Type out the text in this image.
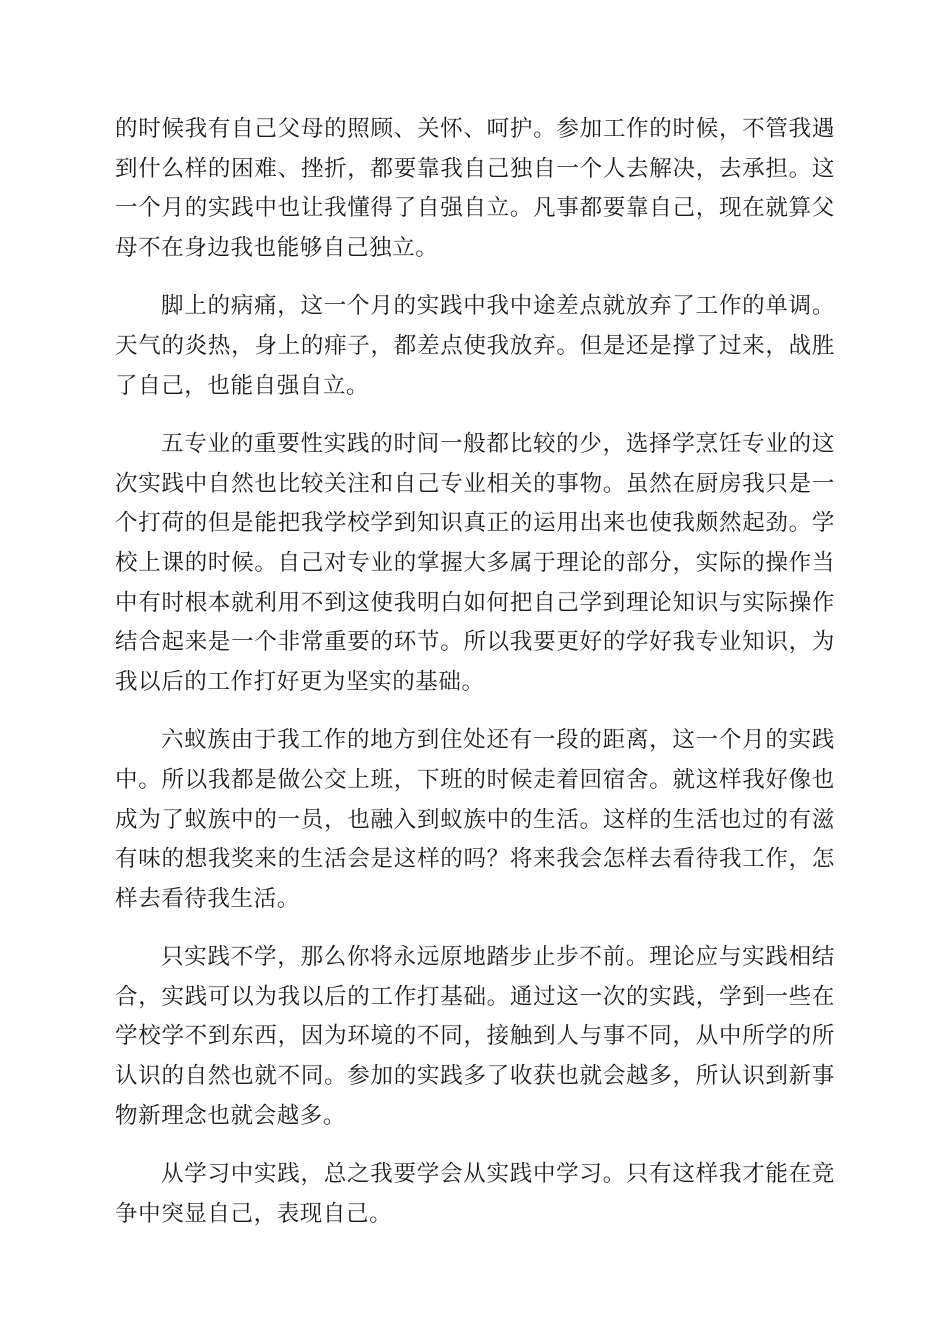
的时候我有自己父母的照顾、关怀、呵护。参加工作的时候，不管我遇到什么样的困难、挫折，都要靠我自己独自一个人去解决，去承担。这一个月的实践中也让我懂得了自强自立。凡事都要靠自己，现在就算父母不在身边我也能够自己独立。

脚上的病痛，这一个月的实践中我中途差点就放弃了工作的单调。天气的炎热，身上的痱子，都差点使我放弃。但是还是撑了过来，战胜了自己，也能自强自立。

五专业的重要性实践的时间一般都比较的少，选择学烹饪专业的这次实践中自然也比较关注和自己专业相关的事物。虽然在厨房我只是一个打荷的但是能把我学校学到知识真正的运用出来也使我颇然起劲。学校上课的时候。自己对专业的掌握大多属于理论的部分，实际的操作当中有时根本就利用不到这使我明白如何把自己学到理论知识与实际操作结合起来是一个非常重要的环节。所以我要更好的学好我专业知识，为我以后的工作打好更为坚实的基础。

六蚁族由于我工作的地方到住处还有一段的距离，这一个月的实践中。所以我都是做公交上班，下班的时候走着回宿舍。就这样我好像也成为了蚁族中的一员，也融入到蚁族中的生活。这样的生活也过的有滋有味的想我奖来的生活会是这样的吗？将来我会怎样去看待我工作，怎样去看待我生活。

只实践不学，那么你将永远原地踏步止步不前。理论应与实践相结合，实践可以为我以后的工作打基础。通过这一次的实践，学到一些在学校学不到东西，因为环境的不同，接触到人与事不同，从中所学的所认识的自然也就不同。参加的实践多了收获也就会越多，所认识到新事物新理念也就会越多。

从学习中实践，总之我要学会从实践中学习。只有这样我才能在竞争中突显自己，表现自己。
